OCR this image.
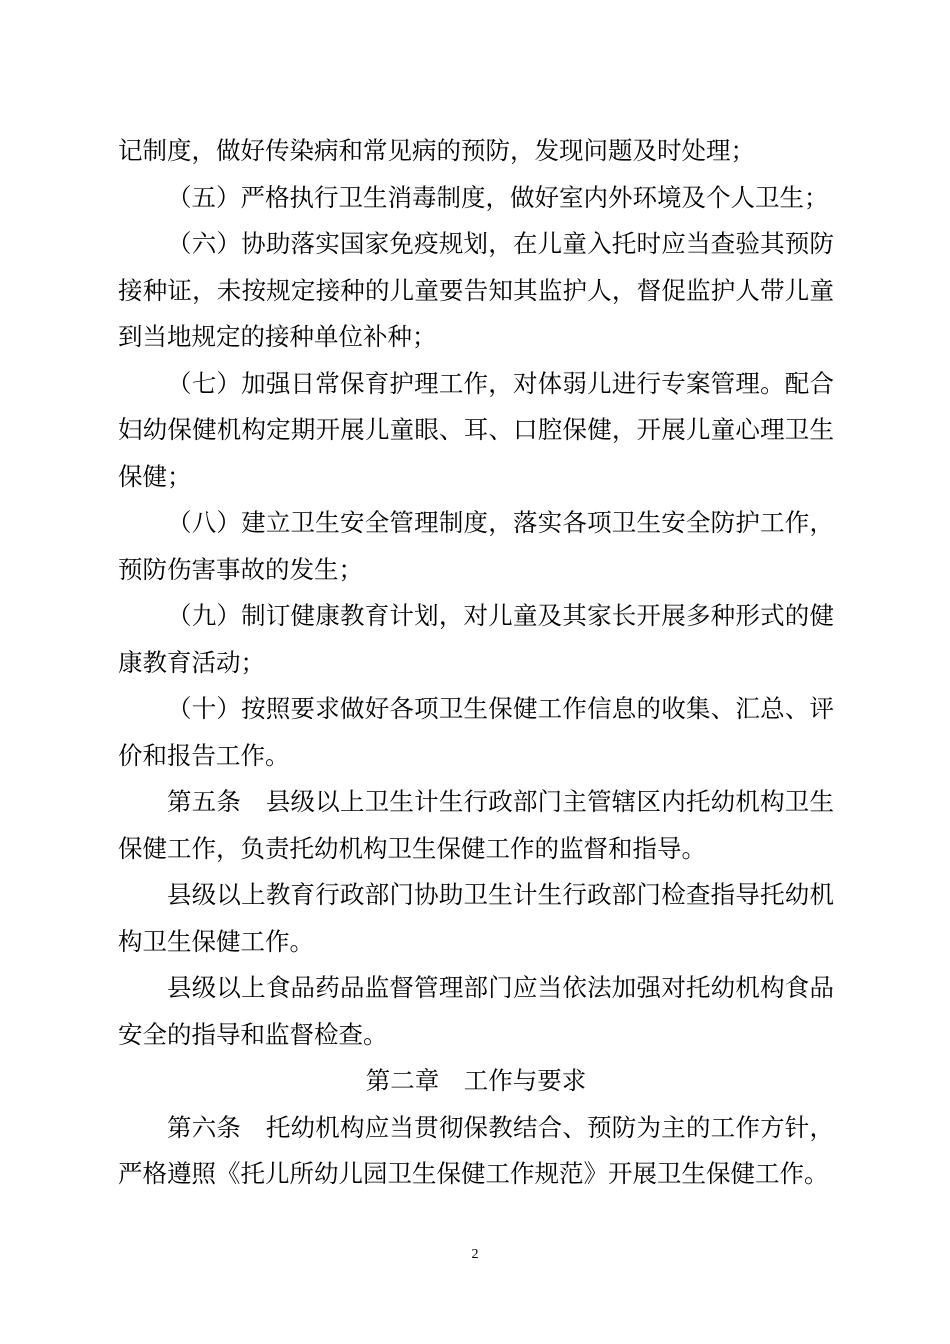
记制度，做好传染病和常见病的预防，发现问题及时处理；

（五）严格执行卫生消毒制度，做好室内外环境及个人卫生；

（六）协助落实国家免疫规划，在儿童入托时应当查验其预防接种证，未按规定接种的儿童要告知其监护人，督促监护人带儿童到当地规定的接种单位补种；

（七）加强日常保育护理工作，对体弱儿进行专案管理。配合妇幼保健机构定期开展儿童眼、耳、口腔保健，开展儿童心理卫生保健；

（八）建立卫生安全管理制度，落实各项卫生安全防护工作，预防伤害事故的发生；

（九）制订健康教育计划，对儿童及其家长开展多种形式的健康教育活动；

（十）按照要求做好各项卫生保健工作信息的收集、汇总、评价和报告工作。

第五条　县级以上卫生计生行政部门主管辖区内托幼机构卫生保健工作，负责托幼机构卫生保健工作的监督和指导。

县级以上教育行政部门协助卫生计生行政部门检查指导托幼机构卫生保健工作。

县级以上食品药品监督管理部门应当依法加强对托幼机构食品安全的指导和监督检查。

第二章　工作与要求

第六条　托幼机构应当贯彻保教结合、预防为主的工作方针，严格遵照《托儿所幼儿园卫生保健工作规范》开展卫生保健工作。

2
